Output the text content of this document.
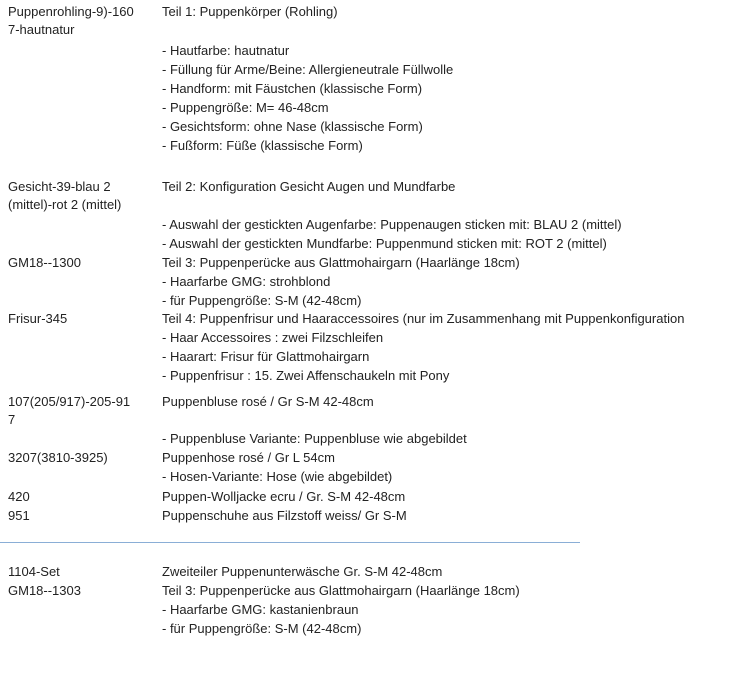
Puppenrohling-9)-160
7-hautnatur
Gesicht-39-blau 2
(mittel)-rot 2 (mittel)
GM18--1300
Frisur-345
107(205/917)-205-91
7
3207(3810-3925)
420
951
1104-Set
GM18--1303
Teil 1: Puppenkörper (Rohling)
- Hautfarbe: hautnatur
- Füllung für Arme/Beine: Allergieneutrale Füllwolle
- Handform: mit Fäustchen (klassische Form)
- Puppengröße: M= 46-48cm
- Gesichtsform: ohne Nase (klassische Form)
- Fußform: Füße (klassische Form)
Teil 2: Konfiguration Gesicht Augen und Mundfarbe
- Auswahl der gestickten Augenfarbe: Puppenaugen sticken mit: BLAU 2 (mittel)
- Auswahl der gestickten Mundfarbe: Puppenmund sticken mit: ROT 2 (mittel)
Teil 3: Puppenperücke aus Glattmohairgarn (Haarlänge 18cm)
- Haarfarbe GMG: strohblond
- für Puppengröße: S-M (42-48cm)
Teil 4: Puppenfrisur und Haaraccessoires (nur im Zusammenhang mit Puppenkonfiguration
- Haar Accessoires : zwei Filzschleifen
- Haarart: Frisur für Glattmohairgarn
- Puppenfrisur : 15. Zwei Affenschaukeln mit Pony
Puppenbluse rosé / Gr S-M 42-48cm
- Puppenbluse Variante: Puppenbluse wie abgebildet
Puppenhose rosé / Gr L 54cm
- Hosen-Variante: Hose (wie abgebildet)
Puppen-Wolljacke ecru / Gr. S-M 42-48cm
Puppenschuhe aus Filzstoff weiss/ Gr S-M
Zweiteiler Puppenunterwäsche Gr. S-M 42-48cm
Teil 3: Puppenperücke aus Glattmohairgarn (Haarlänge 18cm)
- Haarfarbe GMG: kastanienbraun
- für Puppengröße: S-M (42-48cm)
